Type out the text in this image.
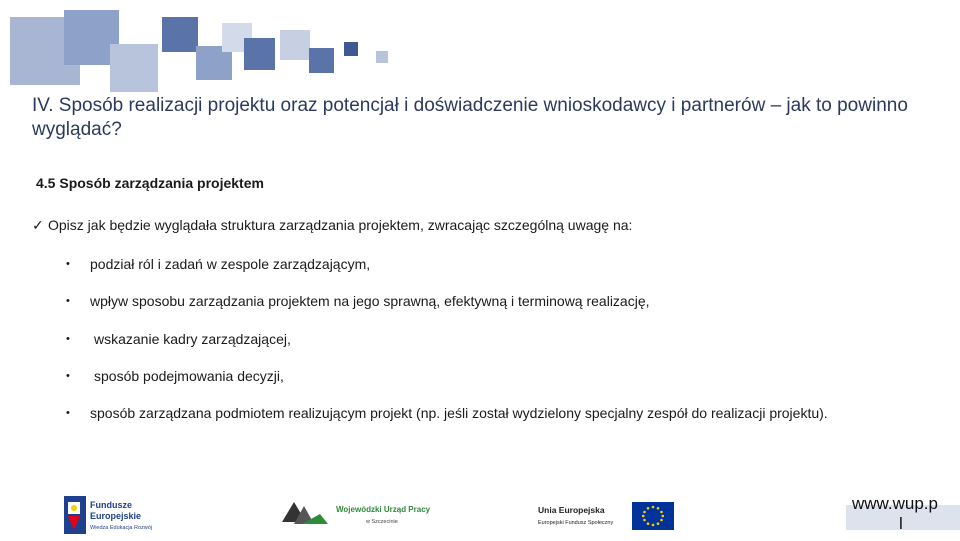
IV. Sposób realizacji projektu oraz potencjał i doświadczenie wnioskodawcy i partnerów – jak to powinno wyglądać?
4.5 Sposób zarządzania projektem

✓ Opisz jak będzie wyglądała struktura zarządzania projektem, zwracając szczególną uwagę na:

•	podział ról i zadań w zespole zarządzającym,
•	wpływ sposobu zarządzania projektem na jego sprawną, efektywną i terminową realizację,
•	wskazanie kadry zarządzającej,
•	sposób podejmowania decyzji,
•	sposób zarządzana podmiotem realizującym projekt (np. jeśli został wydzielony specjalny zespół do realizacji projektu).
Fundusze
Europejskie
Wiedza Edukacja Rozwój
Wojewódzki Urząd Pracy
w Szczecinie
Unia Europejska
Europejski Fundusz Społeczny
www.wup.p
l
